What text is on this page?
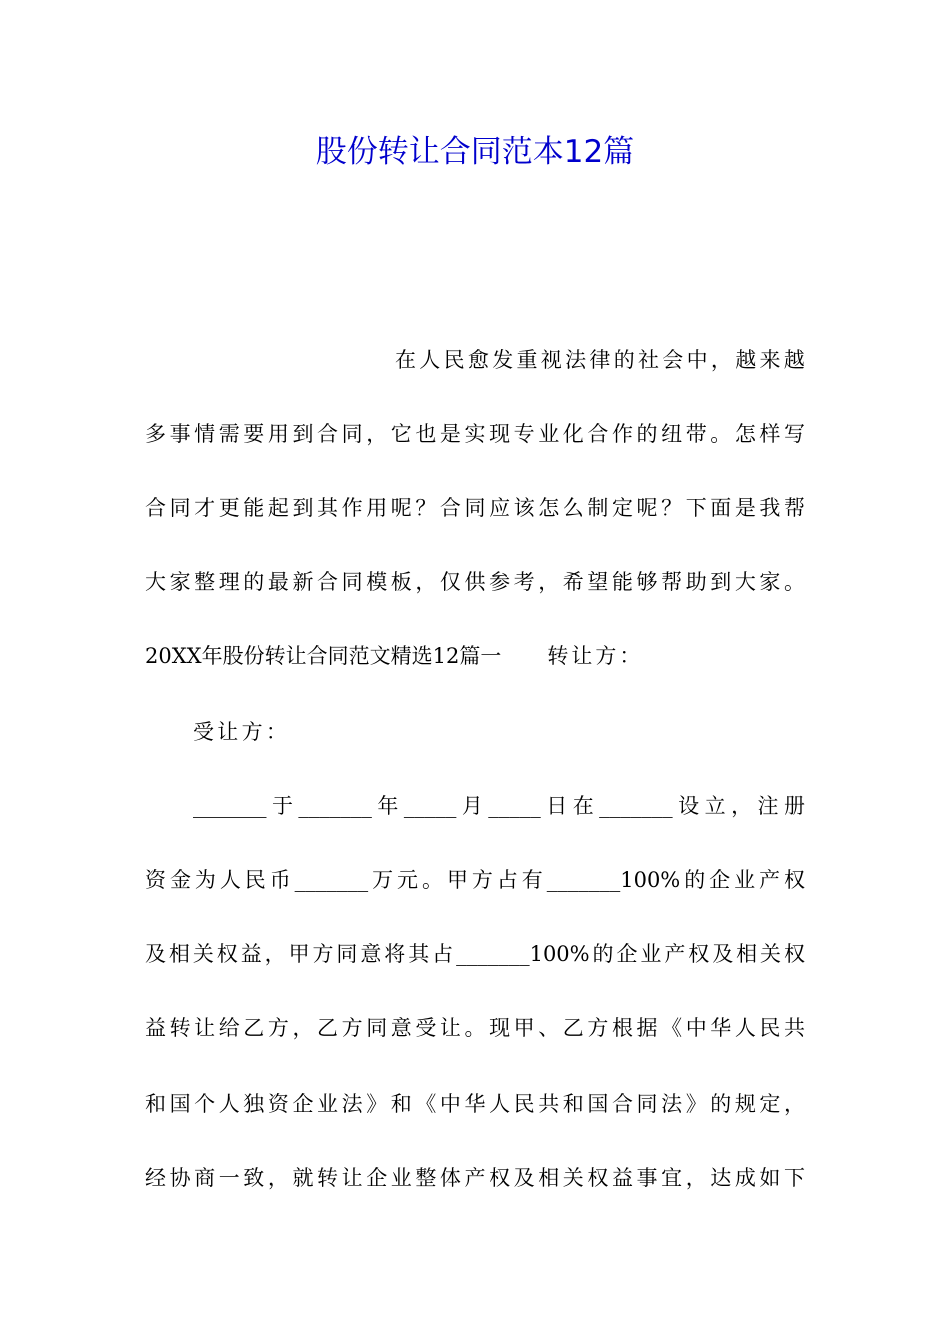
股份转让合同范本12篇
在人民愈发重视法律的社会中，越来越
多事情需要用到合同，它也是实现专业化合作的纽带。怎样写
合同才更能起到其作用呢？合同应该怎么制定呢？下面是我帮
大家整理的最新合同模板，仅供参考，希望能够帮助到大家。
20XX年股份转让合同范文精选12篇一 转让方：
受让方：
_______于_______年_____月_____日在_______设立，注册
资金为人民币_______万元。甲方占有_______100%的企业产权
及相关权益，甲方同意将其占_______100%的企业产权及相关权
益转让给乙方，乙方同意受让。现甲、乙方根据《中华人民共
和国个人独资企业法》和《中华人民共和国合同法》的规定，
经协商一致，就转让企业整体产权及相关权益事宜，达成如下
